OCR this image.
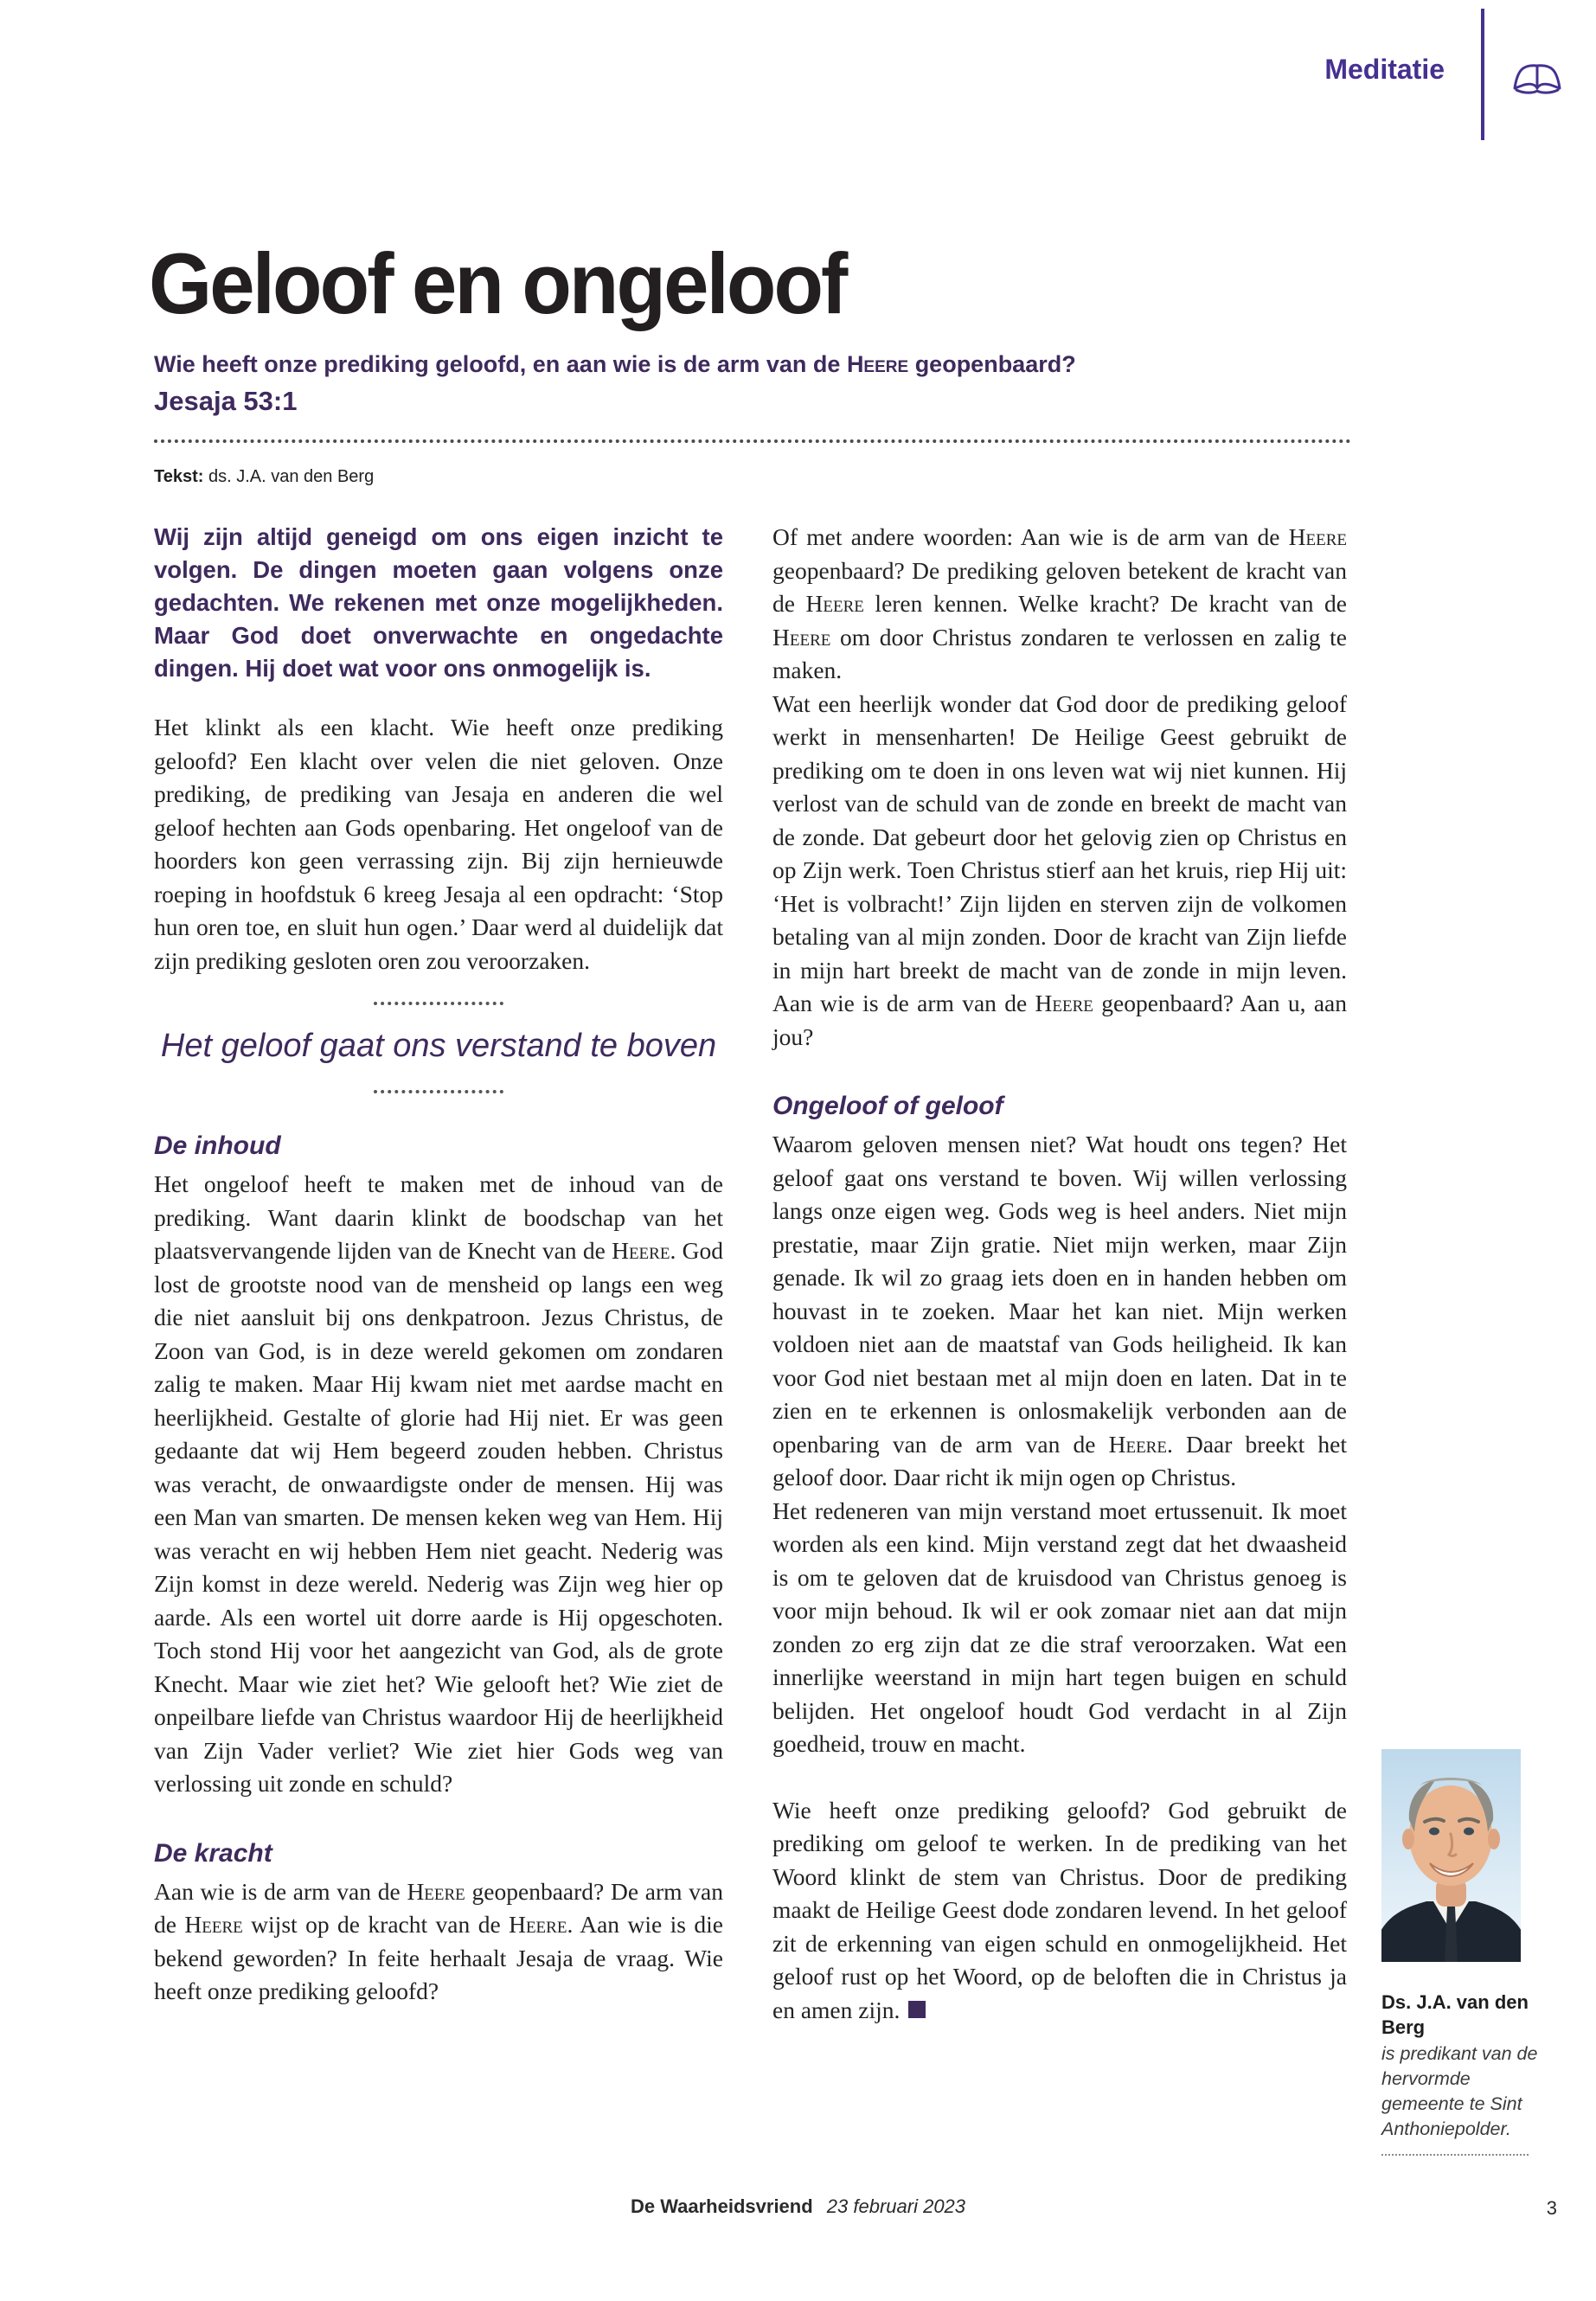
Meditatie
Geloof en ongeloof
Wie heeft onze prediking geloofd, en aan wie is de arm van de Heere geopenbaard?
Jesaja 53:1
Tekst: ds. J.A. van den Berg

Wij zijn altijd geneigd om ons eigen inzicht te volgen. De dingen moeten gaan volgens onze gedachten. We rekenen met onze mogelijkheden. Maar God doet onverwachte en ongedachte dingen. Hij doet wat voor ons onmogelijk is.

Het klinkt als een klacht. Wie heeft onze prediking geloofd? Een klacht over velen die niet geloven. Onze prediking, de prediking van Jesaja en anderen die wel geloof hechten aan Gods openbaring. Het ongeloof van de hoorders kon geen verrassing zijn. Bij zijn hernieuwde roeping in hoofdstuk 6 kreeg Jesaja al een opdracht: ‘Stop hun oren toe, en sluit hun ogen.’ Daar werd al duidelijk dat zijn prediking gesloten oren zou veroorzaken.

Het geloof gaat ons verstand te boven
De inhoud

Het ongeloof heeft te maken met de inhoud van de prediking. Want daarin klinkt de boodschap van het plaatsvervangende lijden van de Knecht van de Heere. God lost de grootste nood van de mensheid op langs een weg die niet aansluit bij ons denkpatroon. Jezus Christus, de Zoon van God, is in deze wereld gekomen om zondaren zalig te maken. Maar Hij kwam niet met aardse macht en heerlijkheid. Gestalte of glorie had Hij niet. Er was geen gedaante dat wij Hem begeerd zouden hebben. Christus was veracht, de onwaardigste onder de mensen. Hij was een Man van smarten. De mensen keken weg van Hem. Hij was veracht en wij hebben Hem niet geacht. Nederig was Zijn komst in deze wereld. Nederig was Zijn weg hier op aarde. Als een wortel uit dorre aarde is Hij opgeschoten. Toch stond Hij voor het aangezicht van God, als de grote Knecht. Maar wie ziet het? Wie gelooft het? Wie ziet de onpeilbare liefde van Christus waardoor Hij de heerlijkheid van Zijn Vader verliet? Wie ziet hier Gods weg van verlossing uit zonde en schuld?

De kracht

Aan wie is de arm van de Heere geopenbaard? De arm van de Heere wijst op de kracht van de Heere. Aan wie is die bekend geworden? In feite herhaalt Jesaja de vraag. Wie heeft onze prediking geloofd?

Of met andere woorden: Aan wie is de arm van de Heere geopenbaard? De prediking geloven betekent de kracht van de Heere leren kennen. Welke kracht? De kracht van de Heere om door Christus zondaren te verlossen en zalig te maken.

Wat een heerlijk wonder dat God door de prediking geloof werkt in mensenharten! De Heilige Geest gebruikt de prediking om te doen in ons leven wat wij niet kunnen. Hij verlost van de schuld van de zonde en breekt de macht van de zonde. Dat gebeurt door het gelovig zien op Christus en op Zijn werk. Toen Christus stierf aan het kruis, riep Hij uit: ‘Het is volbracht!’ Zijn lijden en sterven zijn de volkomen betaling van al mijn zonden. Door de kracht van Zijn liefde in mijn hart breekt de macht van de zonde in mijn leven. Aan wie is de arm van de Heere geopenbaard? Aan u, aan jou?

Ongeloof of geloof

Waarom geloven mensen niet? Wat houdt ons tegen? Het geloof gaat ons verstand te boven. Wij willen verlossing langs onze eigen weg. Gods weg is heel anders. Niet mijn prestatie, maar Zijn gratie. Niet mijn werken, maar Zijn genade. Ik wil zo graag iets doen en in handen hebben om houvast in te zoeken. Maar het kan niet. Mijn werken voldoen niet aan de maatstaf van Gods heiligheid. Ik kan voor God niet bestaan met al mijn doen en laten. Dat in te zien en te erkennen is onlosmakelijk verbonden aan de openbaring van de arm van de Heere. Daar breekt het geloof door. Daar richt ik mijn ogen op Christus.

Het redeneren van mijn verstand moet ertussenuit. Ik moet worden als een kind. Mijn verstand zegt dat het dwaasheid is om te geloven dat de kruisdood van Christus genoeg is voor mijn behoud. Ik wil er ook zomaar niet aan dat mijn zonden zo erg zijn dat ze die straf veroorzaken. Wat een innerlijke weerstand in mijn hart tegen buigen en schuld belijden. Het ongeloof houdt God verdacht in al Zijn goedheid, trouw en macht.

Wie heeft onze prediking geloofd? God gebruikt de prediking om geloof te werken. In de prediking van het Woord klinkt de stem van Christus. Door de prediking maakt de Heilige Geest dode zondaren levend. In het geloof zit de erkenning van eigen schuld en onmogelijkheid. Het geloof rust op het Woord, op de beloften die in Christus ja en amen zijn.	Ds. J.A. van den Berg
is predikant van de hervormde gemeente te Sint Anthoniepolder.
De Waarheidsvriend 23 februari 2023	3
